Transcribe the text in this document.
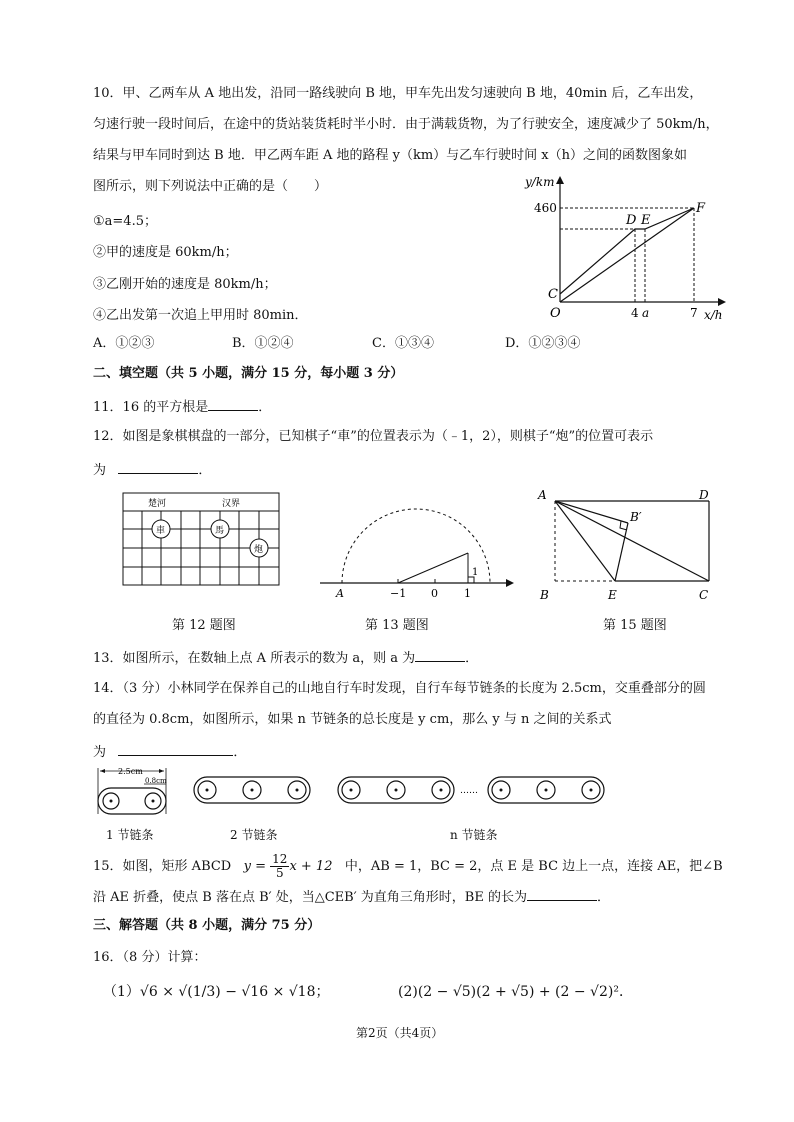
10．甲、乙两车从 A 地出发，沿同一路线驶向 B 地，甲车先出发匀速驶向 B 地，40min 后，乙车出发，
匀速行驶一段时间后，在途中的货站装货耗时半小时．由于满载货物，为了行驶安全，速度减少了 50km/h，
结果与甲车同时到达 B 地．甲乙两车距 A 地的路程 y（km）与乙车行驶时间 x（h）之间的函数图象如
图所示，则下列说法中正确的是（　　）
①a=4.5；
②甲的速度是 60km/h；
③乙刚开始的速度是 80km/h；
④乙出发第一次追上甲用时 80min．
A．①②③	B．①②④	C．①③④	D．①②③④
y/km
x/h
460
D E
F
C
O	4 a	7
二、填空题（共 5 小题，满分 15 分，每小题 3 分）
11．16 的平方根是	．
12．如图是象棋棋盘的一部分，已知棋子“車”的位置表示为（﹣1，2），则棋子“炮”的位置可表示
为	．
楚河	汉界
車	馬
炮
第 12 题图
A	−1 0 1
1
第 13 题图
A	D
B	E	C
B′
第 15 题图
13．如图所示，在数轴上点 A 所表示的数为 a，则 a 为	．
14．（3 分）小林同学在保养自己的山地自行车时发现，自行车每节链条的长度为 2.5cm，交重叠部分的圆
的直径为 0.8cm，如图所示，如果 n 节链条的总长度是 y cm，那么 y 与 n 之间的关系式
为	．
2.5cm
0.8cm
……
1 节链条	2 节链条	n 节链条
15．如图，矩形 ABCD $y = \frac{12}{5}$ x + 12 中，AB = 1，BC = 2，点 E 是 BC 边上一点，连接 AE，把∠B
沿 AE 折叠，使点 B 落在点 B′ 处，当△CEB′ 为直角三角形时，BE 的长为	．
三、解答题（共 8 小题，满分 75 分）
16．（8 分）计算：
（1）√6 × √(1/3) − √16 × √18；	(2)(2 − √5)(2 + √5) + (2 − √2)²．
第2页（共4页）
